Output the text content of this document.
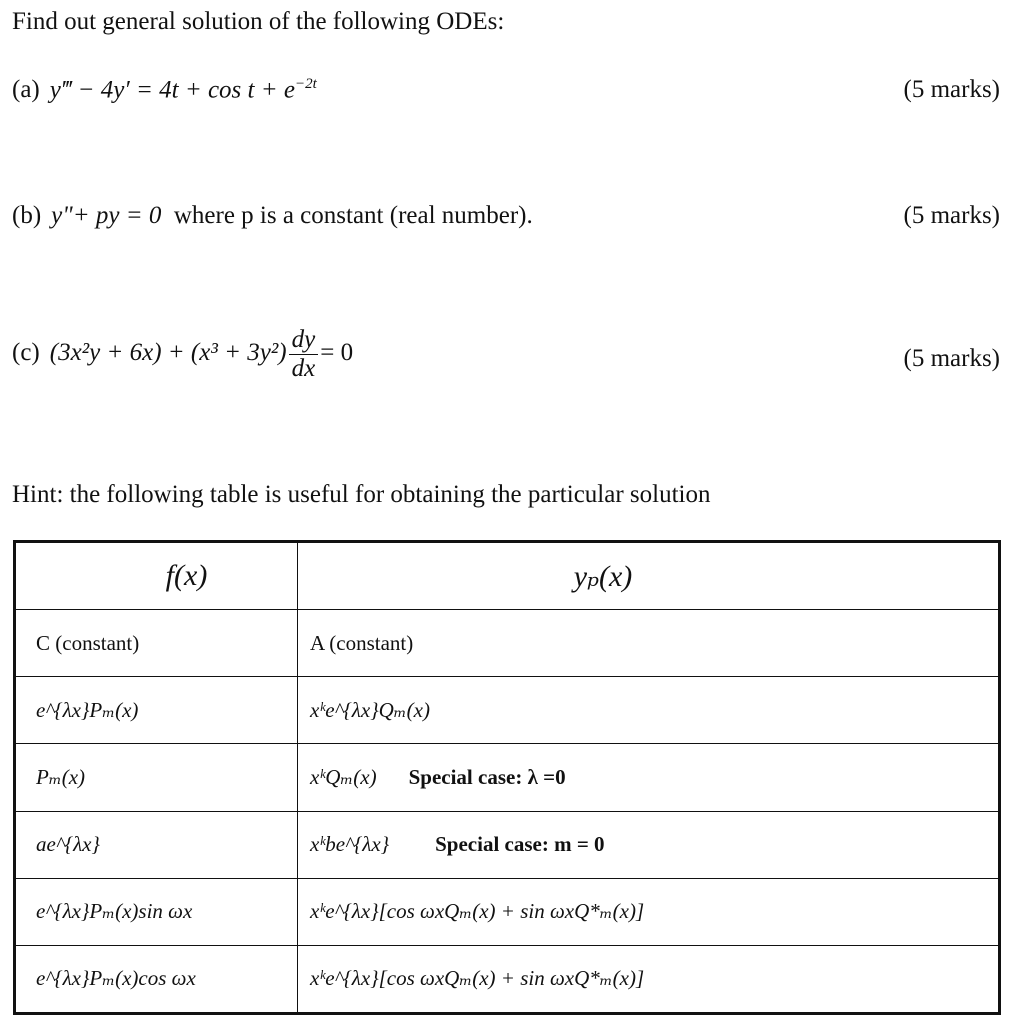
Find out general solution of the following ODEs:
(a) y‴ − $4y' = 4t + \cos t + e^{-2t}$	(5 marks)
(b) y"+ py = 0 where p is a constant (real number).	(5 marks)
(c) $(3x^2y + 6x) + (x^3 + 3y^2) \frac{dy}{dx} = 0$	(5 marks)
Hint: the following table is useful for obtaining the particular solution
f(x)	yₚ(x)
C (constant)	A (constant)
e^{λx}Pₘ(x)	xᵏe^{λx}Qₘ(x)
Pₘ(x)	xᵏQₘ(x) Special case: λ =0
ae^{λx}	xᵏbe^{λx} Special case: m = 0
e^{λx}Pₘ(x)sin ωx	xᵏe^{λx}[cos ωxQₘ(x) + sin ωxQ*ₘ(x)]
e^{λx}Pₘ(x)cos ωx	xᵏe^{λx}[cos ωxQₘ(x) + sin ωxQ*ₘ(x)]
